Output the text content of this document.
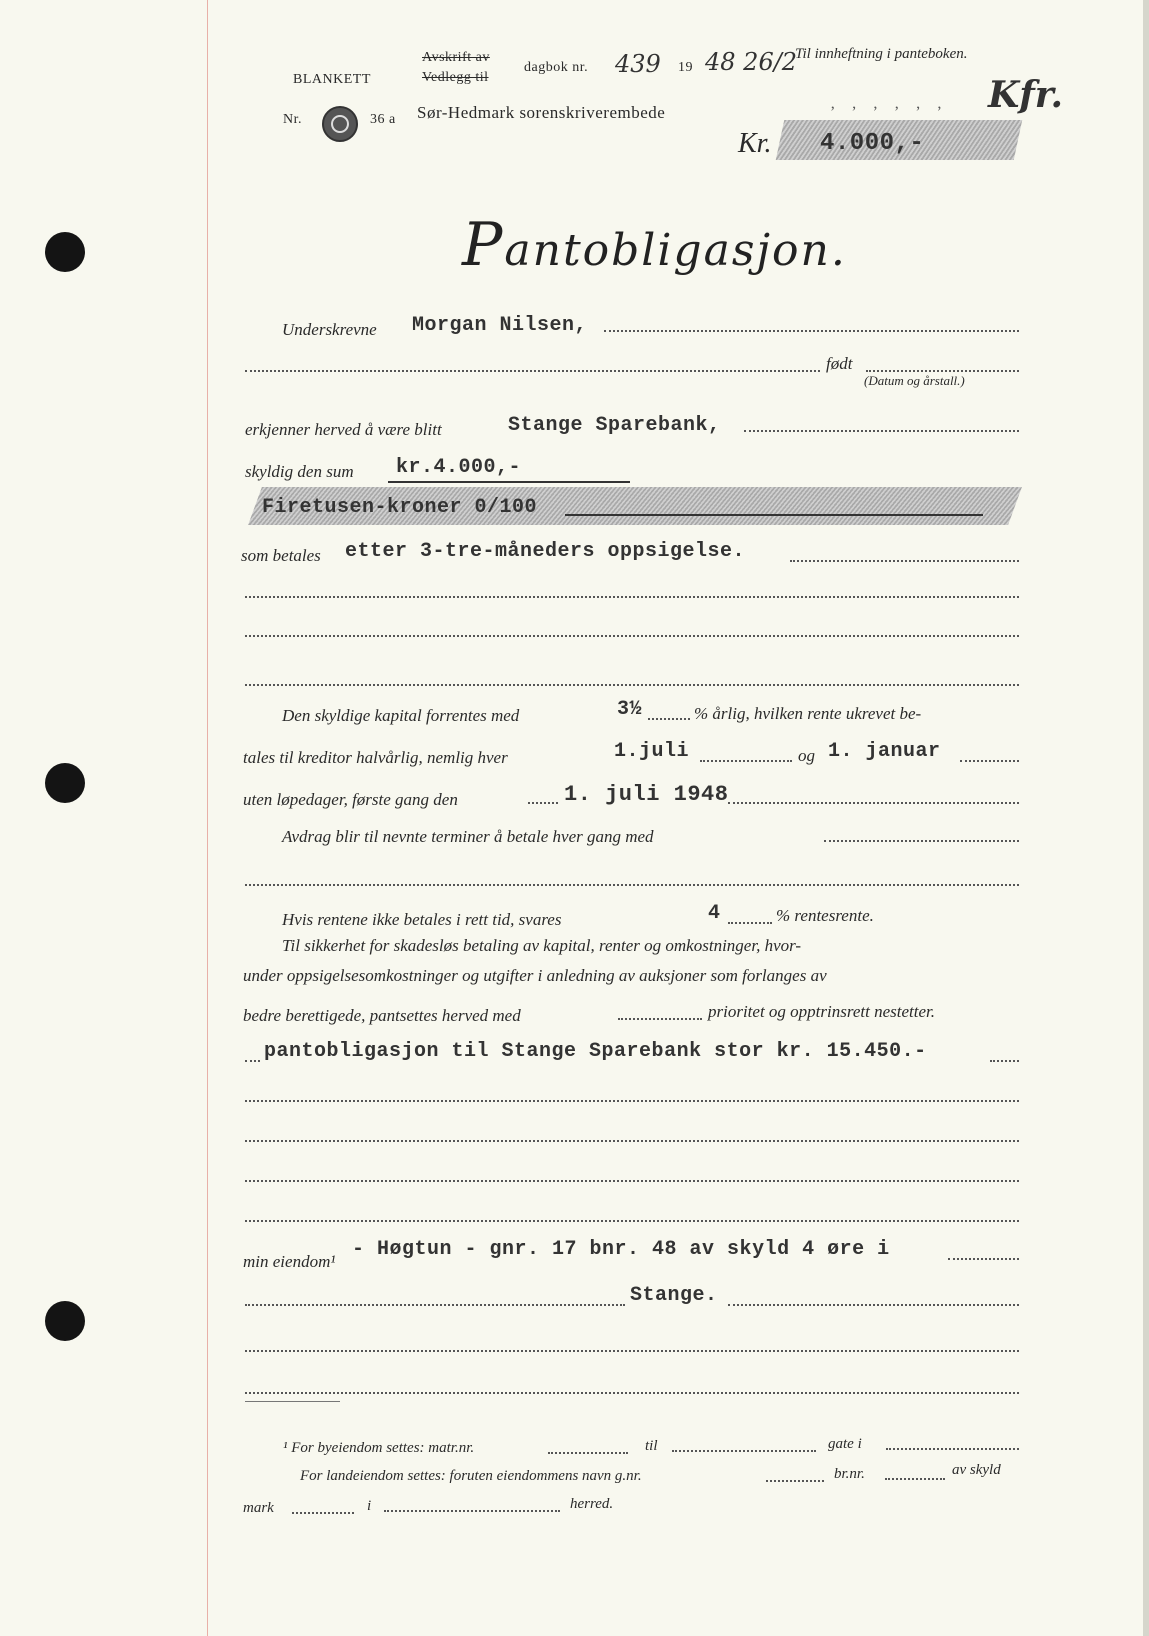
BLANKETT
Nr.	36 a
Avskrift av
Vedlegg til
dagbok nr. 439 19 48 26/2
Til innheftning i panteboken.
Sør-Hedmark sorenskriverembede	‚ ‚ ‚ ‚ ‚ ‚ Kfr.
Kr. 4.000,-
Pantobligasjon.
Underskrevne Morgan Nilsen,
født
(Datum og årstall.)
erkjenner herved å være blitt	Stange Sparebank,
skyldig den sum kr.4.000,-
Firetusen-kroner 0/100
som betales etter 3-tre-måneders oppsigelse.
Den skyldige kapital forrentes med	3½	% årlig, hvilken rente ukrevet be-
tales til kreditor halvårlig, nemlig hver	1.juli	og 1. januar
uten løpedager, første gang den	1. juli 1948
Avdrag blir til nevnte terminer å betale hver gang med
Hvis rentene ikke betales i rett tid, svares	4	% rentesrente.
Til sikkerhet for skadesløs betaling av kapital, renter og omkostninger, hvor-
under oppsigelsesomkostninger og utgifter i anledning av auksjoner som forlanges av
bedre berettigede, pantsettes herved med	prioritet og opptrinsrett nestetter.
pantobligasjon til Stange Sparebank stor kr. 15.450.-
min eiendom¹
- Høgtun - gnr. 17 bnr. 48 av skyld 4 øre i
Stange.
¹ For byeiendom settes: matr.nr.	til	gate i
For landeiendom settes: foruten eiendommens navn g.nr.	br.nr.	av skyld
mark	i	herred.
